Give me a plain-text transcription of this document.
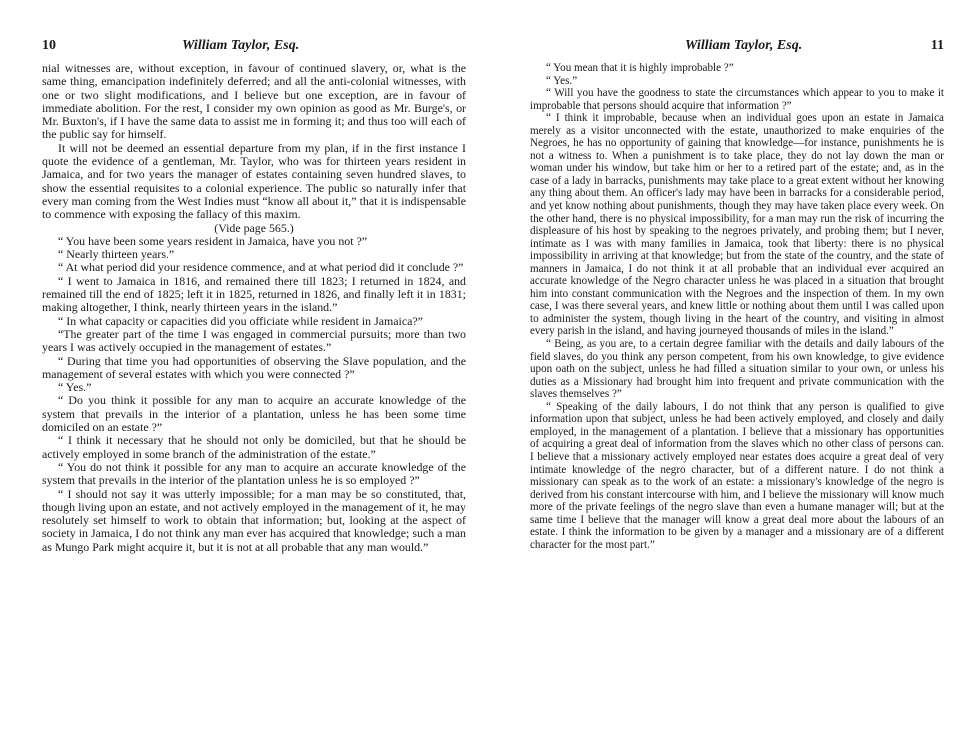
10	William Taylor, Esq.

nial witnesses are, without exception, in favour of continued slavery, or, what is the same thing, emancipation indefinitely deferred; and all the anti-colonial witnesses, with one or two slight modifications, and I believe but one exception, are in favour of immediate abolition. For the rest, I consider my own opinion as good as Mr. Burge's, or Mr. Buxton's, if I have the same data to assist me in forming it; and thus too will each of the public say for himself.

It will not be deemed an essential departure from my plan, if in the first instance I quote the evidence of a gentleman, Mr. Taylor, who was for thirteen years resident in Jamaica, and for two years the manager of estates containing seven hundred slaves, to show the essential requisites to a colonial experience. The public so naturally infer that every man coming from the West Indies must “know all about it,” that it is indispensable to commence with exposing the fallacy of this maxim.

(Vide page 565.)

“ You have been some years resident in Jamaica, have you not ?”

“ Nearly thirteen years.”

“ At what period did your residence commence, and at what period did it conclude ?”

“ I went to Jamaica in 1816, and remained there till 1823; I returned in 1824, and remained till the end of 1825; left it in 1825, returned in 1826, and finally left it in 1831; making altogether, I think, nearly thirteen years in the island.”

“ In what capacity or capacities did you officiate while resident in Jamaica?”

“The greater part of the time I was engaged in commercial pursuits; more than two years I was actively occupied in the management of estates.”

“ During that time you had opportunities of observing the Slave population, and the management of several estates with which you were connected ?”

“ Yes.”

“ Do you think it possible for any man to acquire an accurate knowledge of the system that prevails in the interior of a plantation, unless he has been some time domiciled on an estate ?”

“ I think it necessary that he should not only be domiciled, but that he should be actively employed in some branch of the administration of the estate.”

“ You do not think it possible for any man to acquire an accurate knowledge of the system that prevails in the interior of the plantation unless he is so employed ?”

“ I should not say it was utterly impossible; for a man may be so constituted, that, though living upon an estate, and not actively employed in the management of it, he may resolutely set himself to work to obtain that information; but, looking at the aspect of society in Jamaica, I do not think any man ever has acquired that knowledge; such a man as Mungo Park might acquire it, but it is not at all probable that any man would.”

William Taylor, Esq.	11

“ You mean that it is highly improbable ?”

“ Yes.”

“ Will you have the goodness to state the circumstances which appear to you to make it improbable that persons should acquire that information ?”

“ I think it improbable, because when an individual goes upon an estate in Jamaica merely as a visitor unconnected with the estate, unauthorized to make enquiries of the Negroes, he has no opportunity of gaining that knowledge—for instance, punishments he is not a witness to. When a punishment is to take place, they do not lay down the man or woman under his window, but take him or her to a retired part of the estate; and, as in the case of a lady in barracks, punishments may take place to a great extent without her knowing any thing about them. An officer's lady may have been in barracks for a considerable period, and yet know nothing about punishments, though they may have taken place every week. On the other hand, there is no physical impossibility, for a man may run the risk of incurring the displeasure of his host by speaking to the negroes privately, and probing them; but I never, intimate as I was with many families in Jamaica, took that liberty: there is no physical impossibility in arriving at that knowledge; but from the state of the country, and the state of manners in Jamaica, I do not think it at all probable that an individual ever acquired an accurate knowledge of the Negro character unless he was placed in a situation that brought him into constant communication with the Negroes and the inspection of them. In my own case, I was there several years, and knew little or nothing about them until I was called upon to administer the system, though living in the heart of the country, and visiting in almost every parish in the island, and having journeyed thousands of miles in the island.”

“ Being, as you are, to a certain degree familiar with the details and daily labours of the field slaves, do you think any person competent, from his own knowledge, to give evidence upon oath on the subject, unless he had filled a situation similar to your own, or unless his duties as a Missionary had brought him into frequent and private communication with the slaves themselves ?”

“ Speaking of the daily labours, I do not think that any person is qualified to give information upon that subject, unless he had been actively employed, and closely and daily employed, in the management of a plantation. I believe that a missionary has opportunities of acquiring a great deal of information from the slaves which no other class of persons can. I believe that a missionary actively employed near estates does acquire a great deal of very intimate knowledge of the negro character, but of a different nature. I do not think a missionary can speak as to the work of an estate: a missionary's knowledge of the negro is derived from his constant intercourse with him, and I believe the missionary will know much more of the private feelings of the negro slave than even a humane manager will; but at the same time I believe that the manager will know a great deal more about the labours of an estate. I think the information to be given by a manager and a missionary are of a different character for the most part.”
